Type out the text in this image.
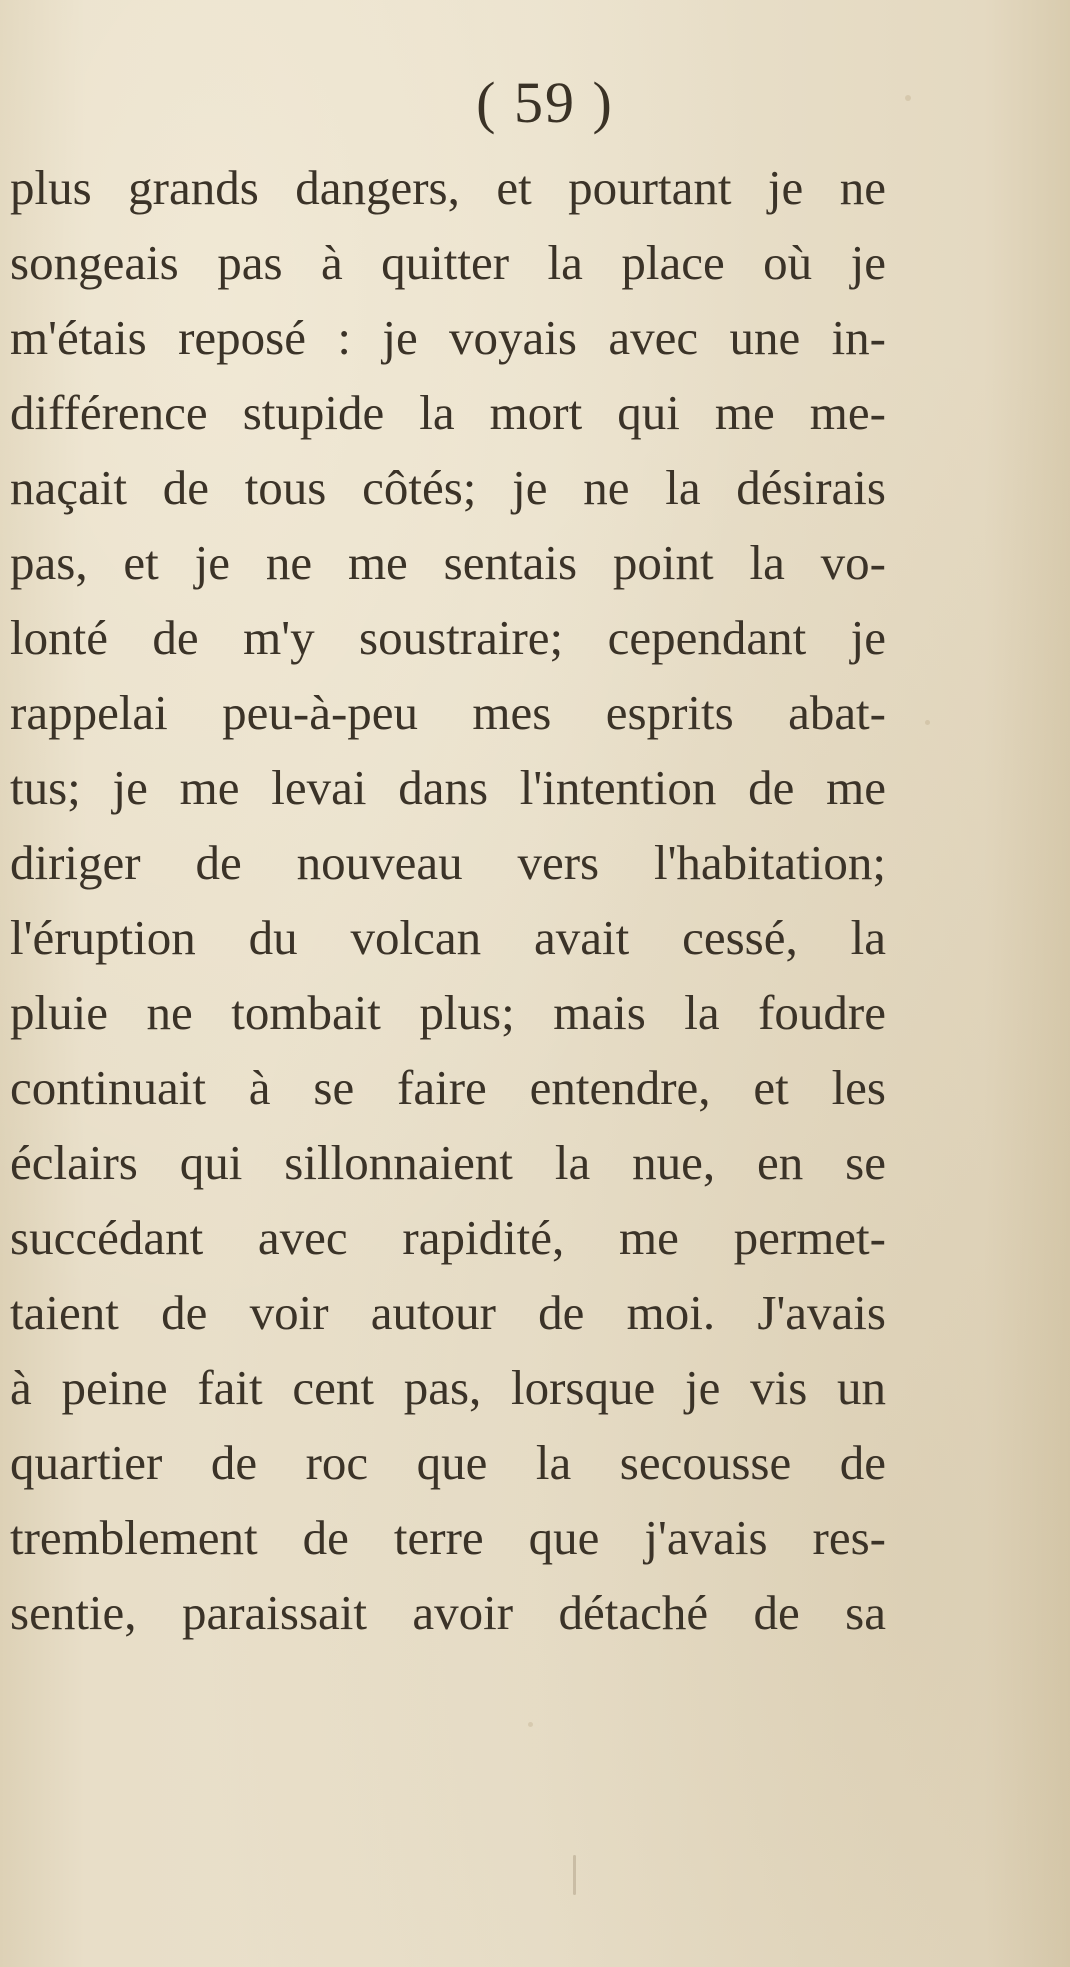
( 59 )
plus grands dangers, et pourtant je ne
songeais pas à quitter la place où je
m'étais reposé : je voyais avec une in-
différence stupide la mort qui me me-
naçait de tous côtés; je ne la désirais
pas, et je ne me sentais point la vo-
lonté de m'y soustraire; cependant je
rappelai peu-à-peu mes esprits abat-
tus; je me levai dans l'intention de me
diriger de nouveau vers l'habitation;
l'éruption du volcan avait cessé, la
pluie ne tombait plus; mais la foudre
continuait à se faire entendre, et les
éclairs qui sillonnaient la nue, en se
succédant avec rapidité, me permet-
taient de voir autour de moi. J'avais
à peine fait cent pas, lorsque je vis un
quartier de roc que la secousse de
tremblement de terre que j'avais res-
sentie, paraissait avoir détaché de sa
